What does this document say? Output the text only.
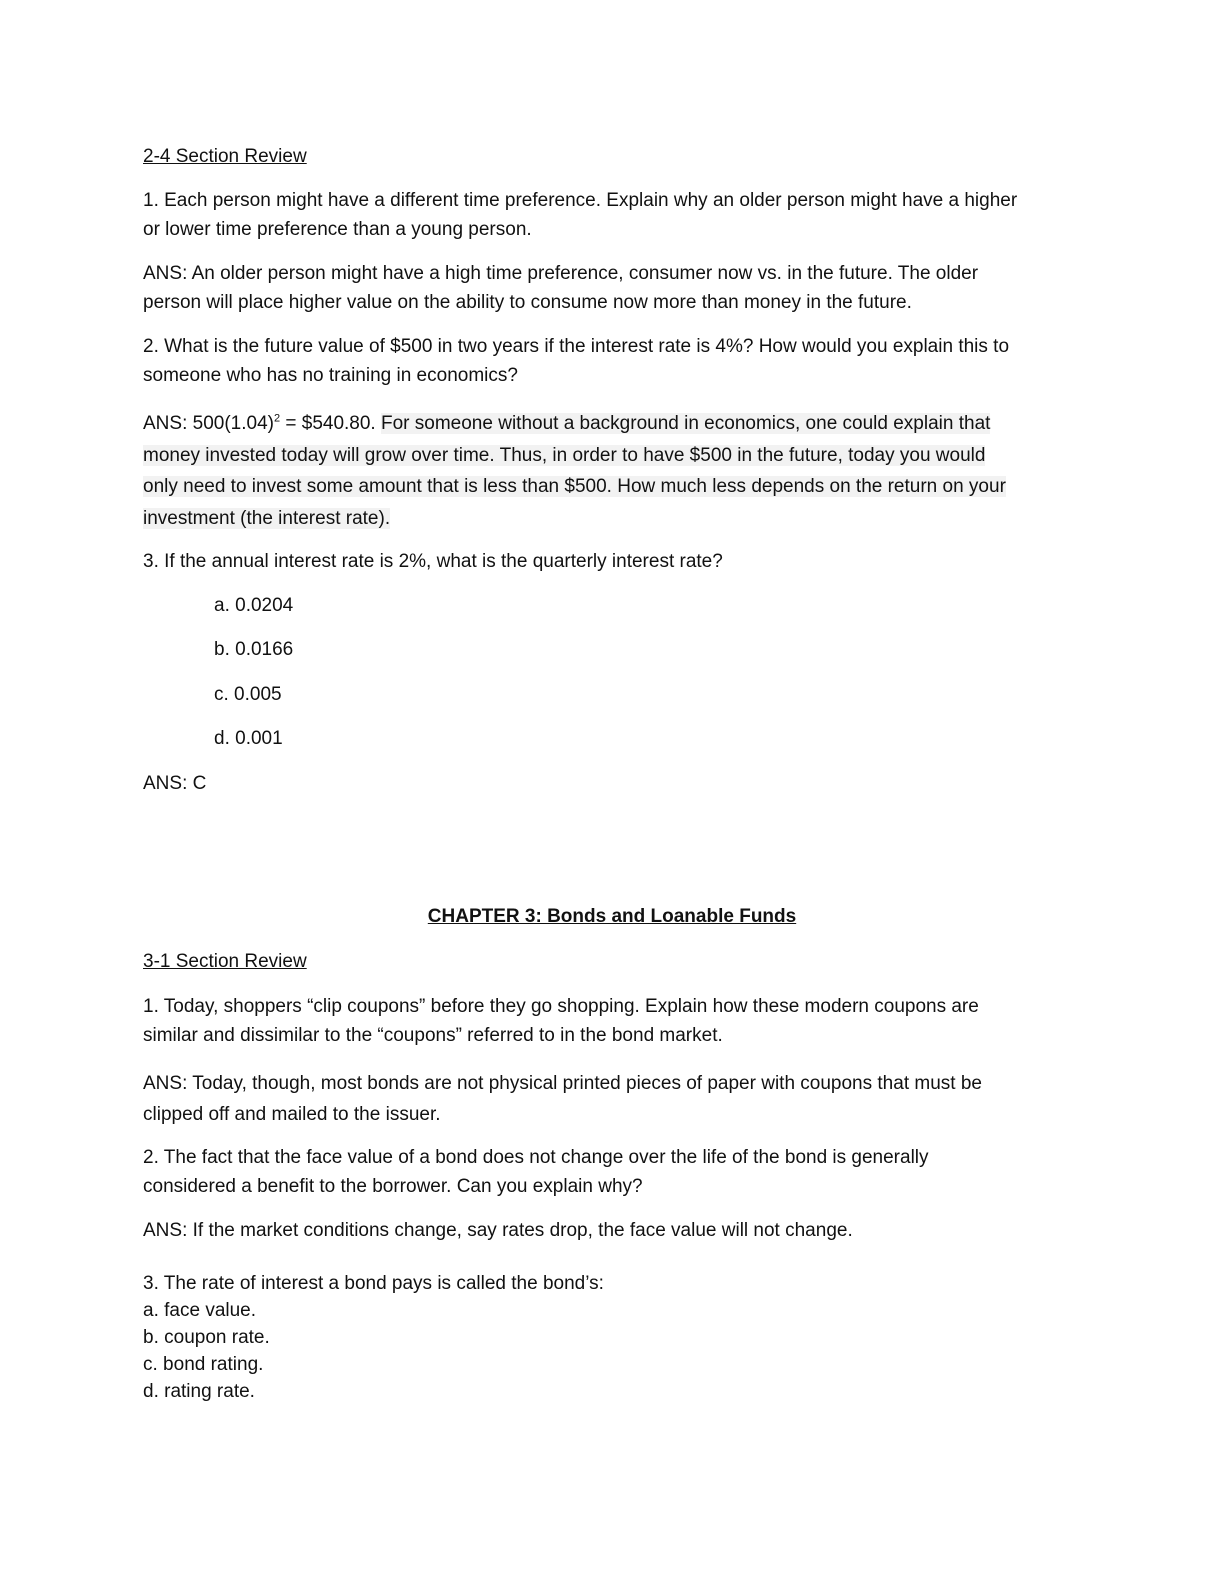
2-4 Section Review

1. Each person might have a different time preference. Explain why an older person might have a higher

or lower time preference than a young person.

ANS: An older person might have a high time preference, consumer now vs. in the future. The older

person will place higher value on the ability to consume now more than money in the future.

2. What is the future value of $500 in two years if the interest rate is 4%? How would you explain this to

someone who has no training in economics?

ANS: $500(1.04)^2$ = $540.80. For someone without a background in economics, one could explain that

money invested today will grow over time. Thus, in order to have $500 in the future, today you would

only need to invest some amount that is less than $500. How much less depends on the return on your

investment (the interest rate).

3. If the annual interest rate is 2%, what is the quarterly interest rate?

a. 0.0204

b. 0.0166

c. 0.005

d. 0.001

ANS: C

CHAPTER 3: Bonds and Loanable Funds

3-1 Section Review

1. Today, shoppers “clip coupons” before they go shopping. Explain how these modern coupons are

similar and dissimilar to the “coupons” referred to in the bond market.

ANS: Today, though, most bonds are not physical printed pieces of paper with coupons that must be

clipped off and mailed to the issuer.

2. The fact that the face value of a bond does not change over the life of the bond is generally

considered a benefit to the borrower. Can you explain why?

ANS: If the market conditions change, say rates drop, the face value will not change.

3. The rate of interest a bond pays is called the bond’s:

a. face value.

b. coupon rate.

c. bond rating.

d. rating rate.
